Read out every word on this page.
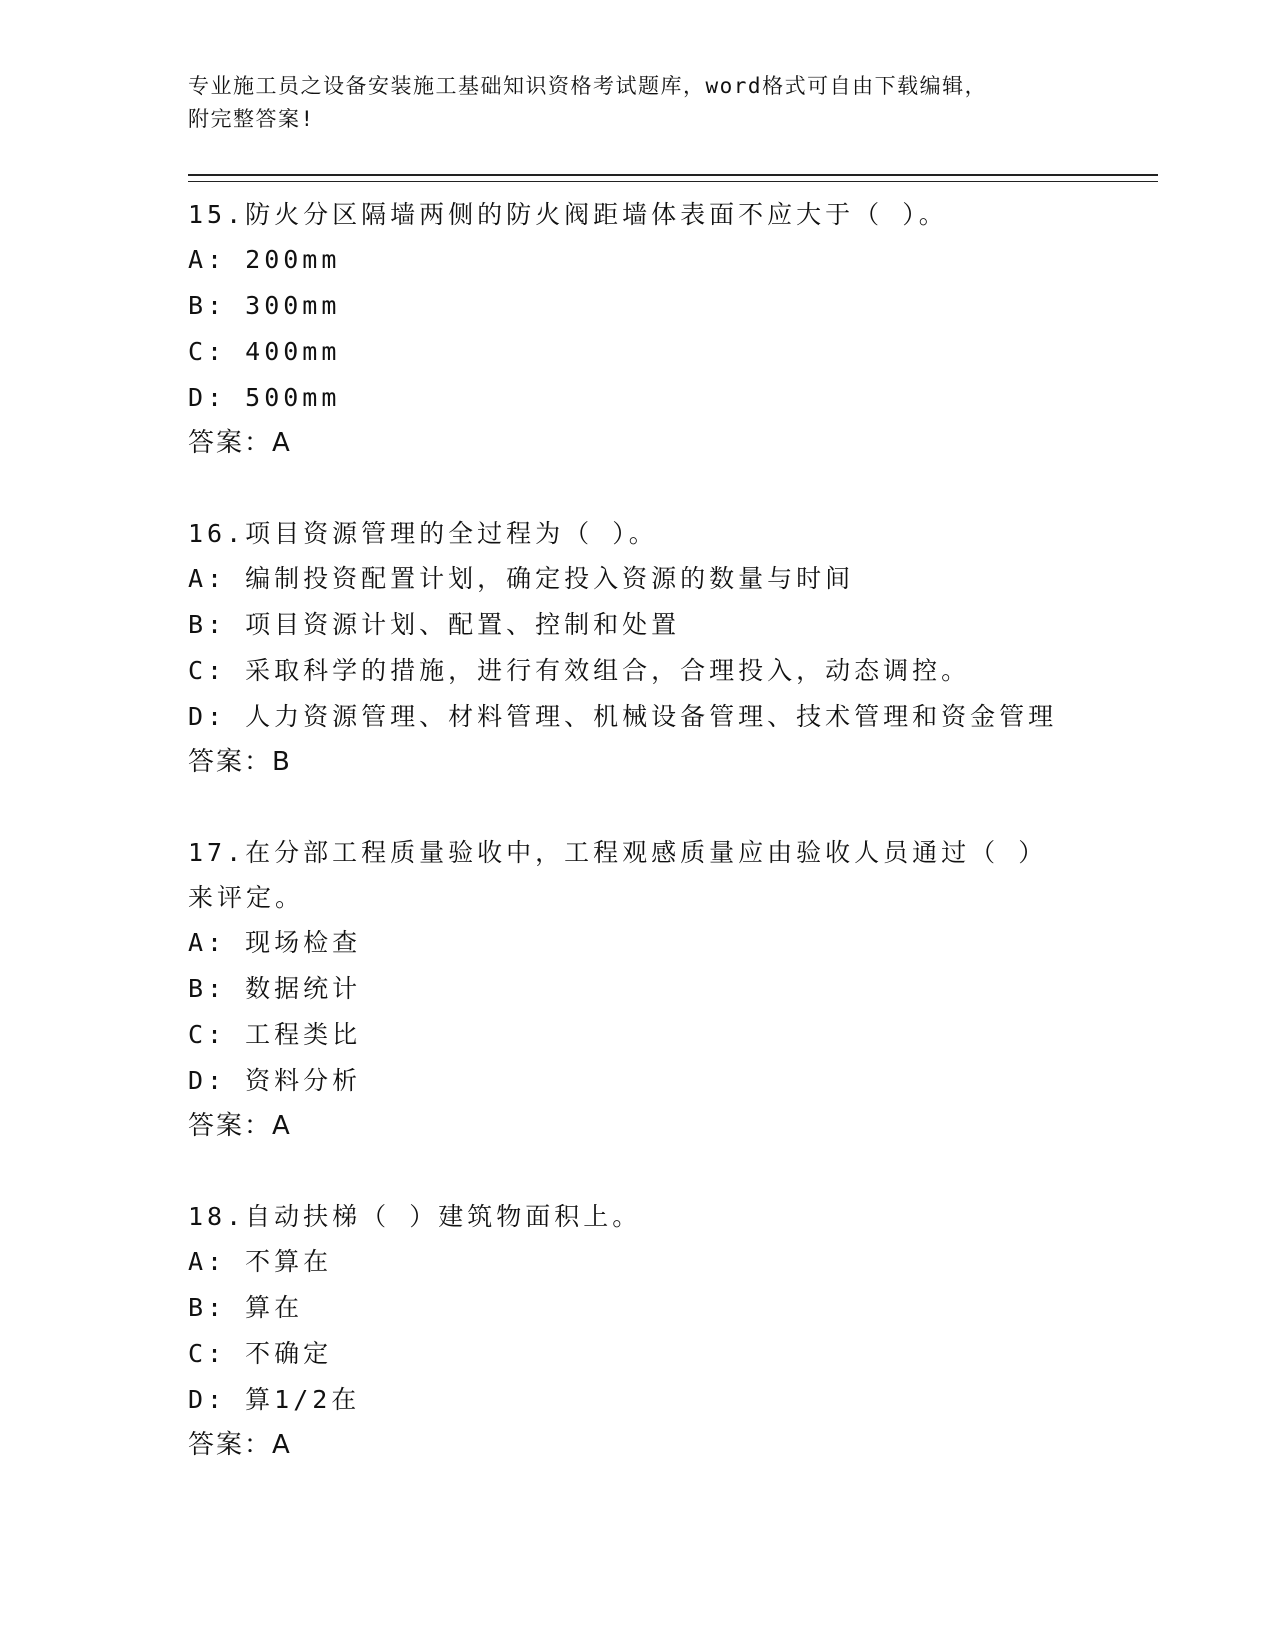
专业施工员之设备安装施工基础知识资格考试题库，word格式可自由下载编辑，

附完整答案!

15.防火分区隔墙两侧的防火阀距墙体表面不应大于（ ）。

A: 200mm

B: 300mm

C: 400mm

D: 500mm

答案：A

16.项目资源管理的全过程为（ ）。

A: 编制投资配置计划，确定投入资源的数量与时间

B: 项目资源计划、配置、控制和处置

C: 采取科学的措施，进行有效组合，合理投入，动态调控。

D: 人力资源管理、材料管理、机械设备管理、技术管理和资金管理

答案：B

17.在分部工程质量验收中，工程观感质量应由验收人员通过（ ）来评定。

A: 现场检查

B: 数据统计

C: 工程类比

D: 资料分析

答案：A

18.自动扶梯（ ）建筑物面积上。

A: 不算在

B: 算在

C: 不确定

D: 算1/2在

答案：A
